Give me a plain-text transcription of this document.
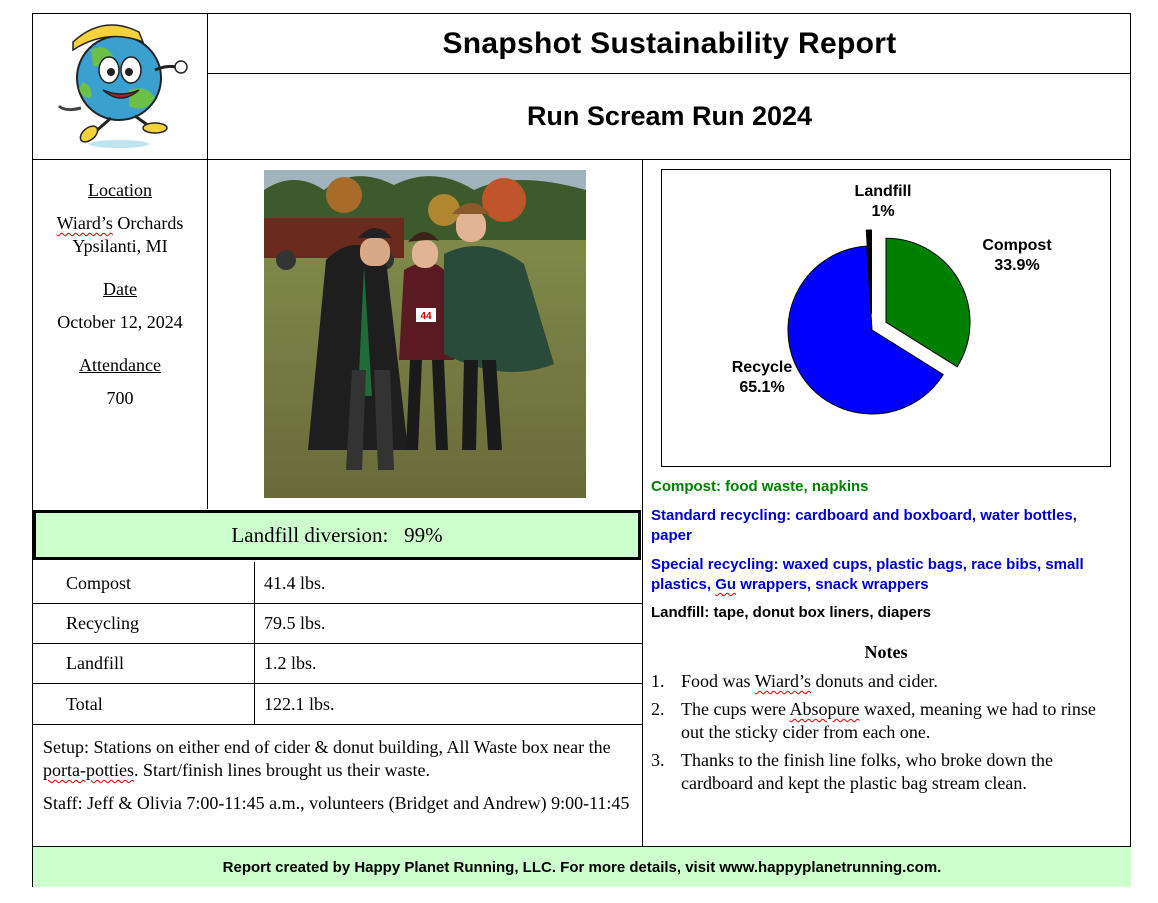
Snapshot Sustainability Report
Run Scream Run 2024
Location
Wiard’s Orchards
Ypsilanti, MI
Date
October 12, 2024
Attendance
700
44
Landfill
1%
Compost
33.9%
Recycle
65.1%
Landfill diversion:
99%
Compost	41.4 lbs.
Recycling	79.5 lbs.
Landfill	1.2 lbs.
Total	122.1 lbs.
Setup: Stations on either end of cider & donut building, All Waste box near the porta-potties. Start/finish lines brought us their waste.
Staff: Jeff & Olivia 7:00-11:45 a.m., volunteers (Bridget and Andrew) 9:00-11:45
Compost: food waste, napkins
Standard recycling: cardboard and boxboard, water bottles, paper
Special recycling: waxed cups, plastic bags, race bibs, small plastics, Gu wrappers, snack wrappers
Landfill: tape, donut box liners, diapers
Notes
1. Food was Wiard’s donuts and cider.
2. The cups were Absopure waxed, meaning we had to rinse out the sticky cider from each one.
3. Thanks to the finish line folks, who broke down the cardboard and kept the plastic bag stream clean.
Report created by Happy Planet Running, LLC. For more details, visit www.happyplanetrunning.com.
